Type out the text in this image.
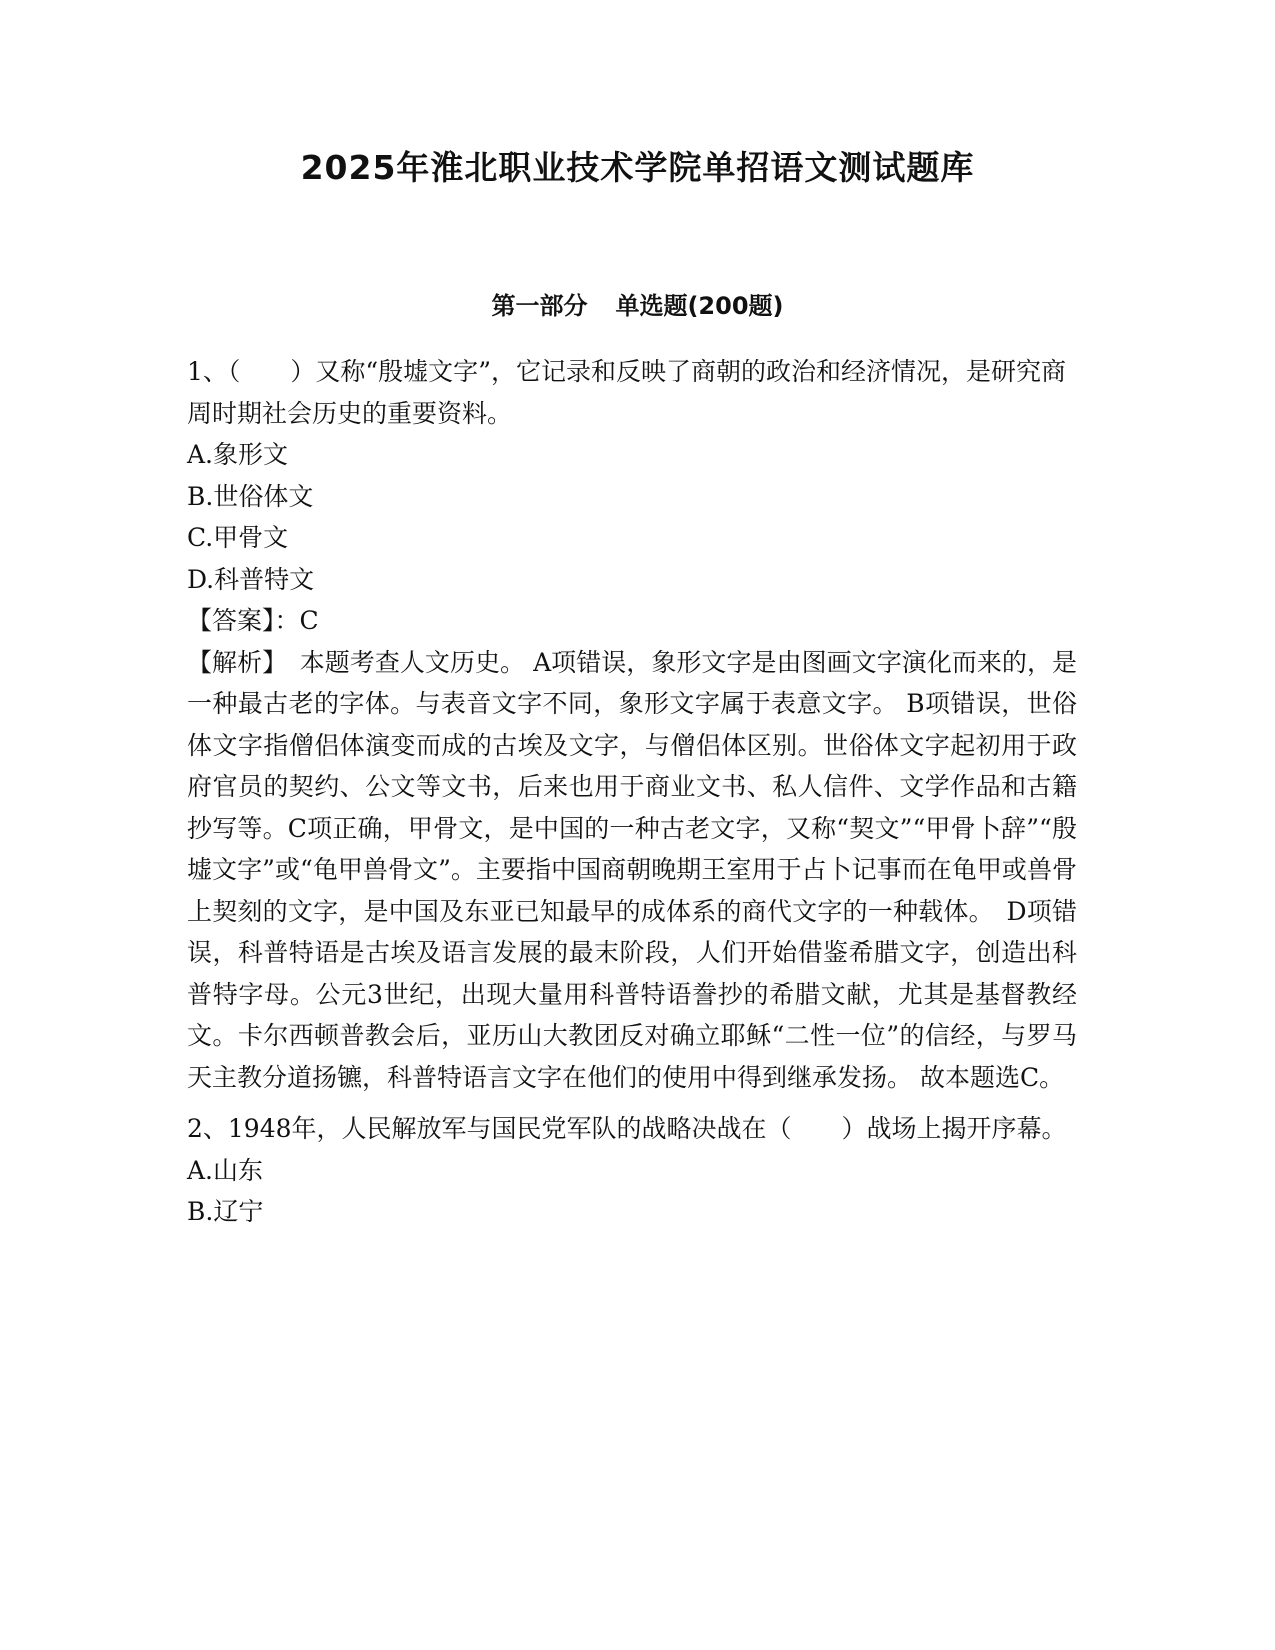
2025年淮北职业技术学院单招语文测试题库
第一部分 单选题(200题)

1、（　　）又称“殷墟文字”，它记录和反映了商朝的政治和经济情况，是研究商周时期社会历史的重要资料。

A.象形文
B.世俗体文
C.甲骨文
D.科普特文
【答案】：C

【解析】　本题考查人文历史。 A项错误，象形文字是由图画文字演化而来的，是一种最古老的字体。与表音文字不同，象形文字属于表意文字。 B项错误，世俗体文字指僧侣体演变而成的古埃及文字，与僧侣体区别。世俗体文字起初用于政府官员的契约、公文等文书，后来也用于商业文书、私人信件、文学作品和古籍抄写等。C项正确，甲骨文，是中国的一种古老文字，又称“契文”“甲骨卜辞”“殷墟文字”或“龟甲兽骨文”。主要指中国商朝晚期王室用于占卜记事而在龟甲或兽骨上契刻的文字，是中国及东亚已知最早的成体系的商代文字的一种载体。　D项错误，科普特语是古埃及语言发展的最末阶段，人们开始借鉴希腊文字，创造出科普特字母。公元3世纪，出现大量用科普特语誊抄的希腊文献，尤其是基督教经文。卡尔西顿普教会后，亚历山大教团反对确立耶稣“二性一位”的信经，与罗马天主教分道扬镳，科普特语言文字在他们的使用中得到继承发扬。 故本题选C。

2、1948年，人民解放军与国民党军队的战略决战在（　　）战场上揭开序幕。

A.山东
B.辽宁
